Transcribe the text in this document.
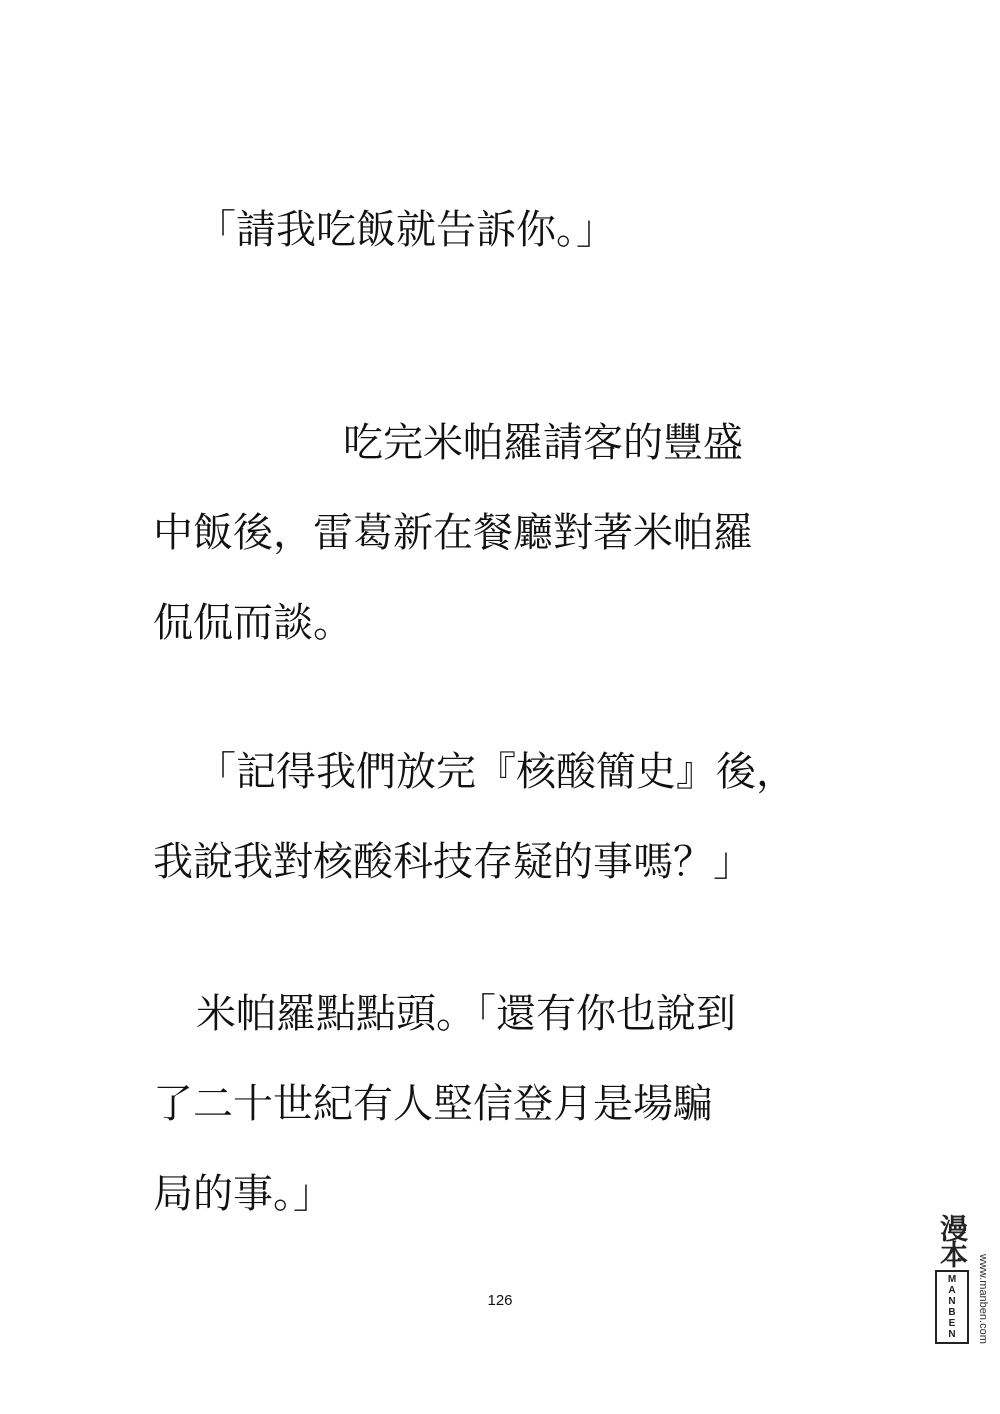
「請我吃飯就告訴你。」
吃完米帕羅請客的豐盛
中飯後，雷葛新在餐廳對著米帕羅
侃侃而談。
「記得我們放完『核酸簡史』後，
我說我對核酸科技存疑的事嗎？」
米帕羅點點頭。「還有你也說到
了二十世紀有人堅信登月是場騙
局的事。」
126	www.manben.com
漫本
M
A
N
B
E
N
